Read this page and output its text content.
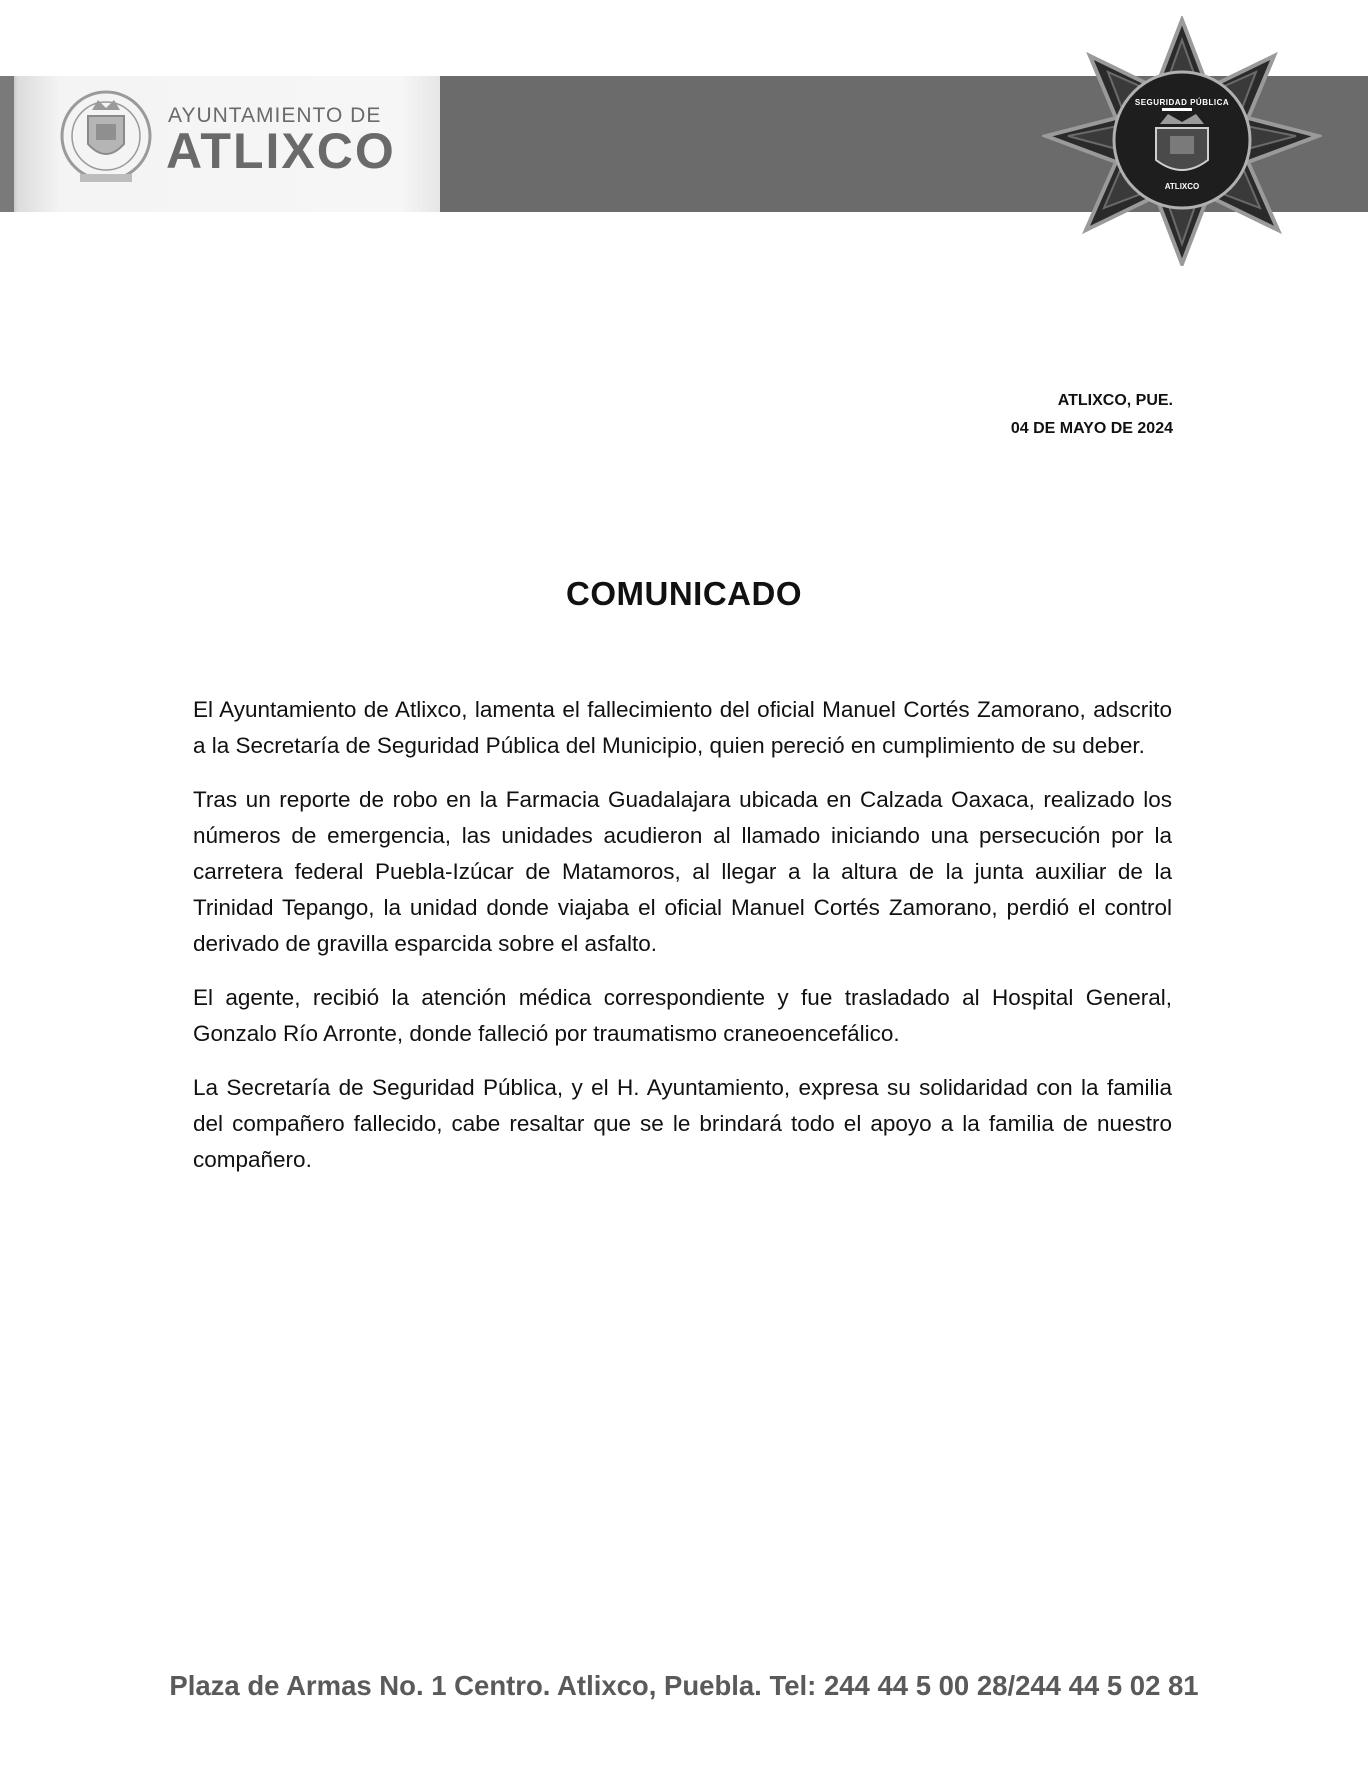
AYUNTAMIENTO DE
ATLIXCO
SEGURIDAD PÚBLICA
ATLIXCO
ATLIXCO, PUE.
04 DE MAYO DE 2024
COMUNICADO

El Ayuntamiento de Atlixco, lamenta el fallecimiento del oficial Manuel Cortés Zamorano, adscrito a la Secretaría de Seguridad Pública del Municipio, quien pereció en cumplimiento de su deber.

Tras un reporte de robo en la Farmacia Guadalajara ubicada en Calzada Oaxaca, realizado los números de emergencia, las unidades acudieron al llamado iniciando una persecución por la carretera federal Puebla-Izúcar de Matamoros, al llegar a la altura de la junta auxiliar de la Trinidad Tepango, la unidad donde viajaba el oficial Manuel Cortés Zamorano, perdió el control derivado de gravilla esparcida sobre el asfalto.

El agente, recibió la atención médica correspondiente y fue trasladado al Hospital General, Gonzalo Río Arronte, donde falleció por traumatismo craneoencefálico.

La Secretaría de Seguridad Pública, y el H. Ayuntamiento, expresa su solidaridad con la familia del compañero fallecido, cabe resaltar que se le brindará todo el apoyo a la familia de nuestro compañero.

Plaza de Armas No. 1 Centro. Atlixco, Puebla. Tel: 244 44 5 00 28/244 44 5 02 81
